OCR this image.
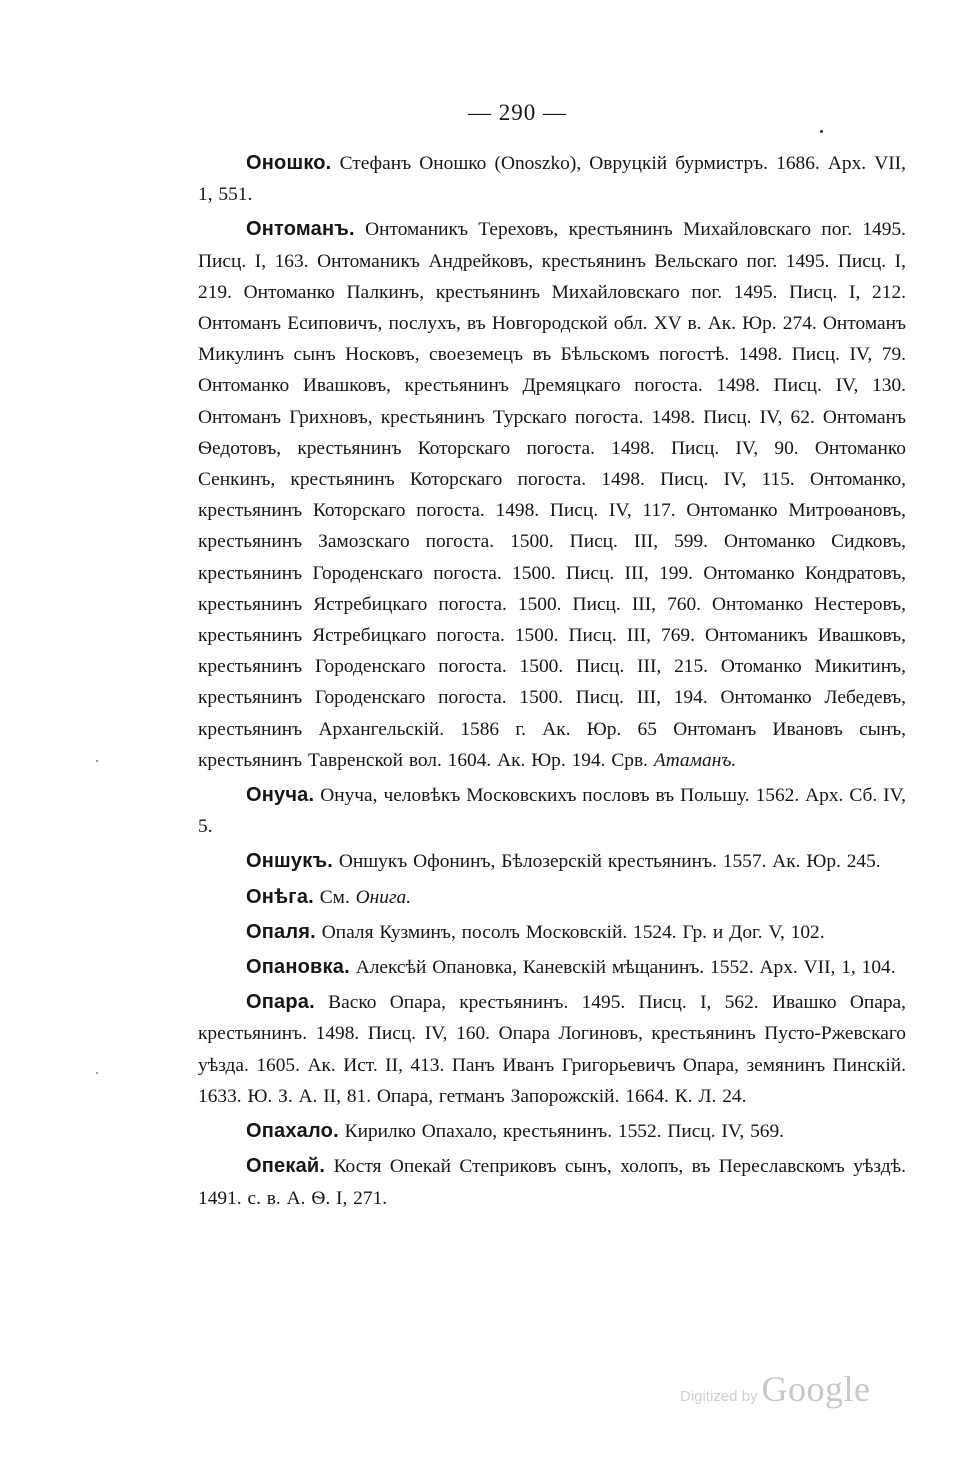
— 290 —

Оношко. Стефанъ Оношко (Onoszko), Овруцкій бурмистръ. 1686. Арх. VII, 1, 551.

Онтоманъ. Онтоманикъ Тереховъ, крестьянинъ Михайловскаго пог. 1495. Писц. I, 163. Онтоманикъ Андрейковъ, крестьянинъ Вельскаго пог. 1495. Писц. I, 219. Онтоманко Палкинъ, крестьянинъ Михайловскаго пог. 1495. Писц. I, 212. Онтоманъ Есиповичъ, послухъ, въ Новгородской обл. XV в. Ак. Юр. 274. Онтоманъ Микулинъ сынъ Носковъ, своеземецъ въ Бѣльскомъ погостѣ. 1498. Писц. IV, 79. Онтоманко Ивашковъ, крестьянинъ Дремяцкаго погоста. 1498. Писц. IV, 130. Онтоманъ Грихновъ, крестьянинъ Турскаго погоста. 1498. Писц. IV, 62. Онтоманъ Ѳедотовъ, крестьянинъ Которскаго погоста. 1498. Писц. IV, 90. Онтоманко Сенкинъ, крестьянинъ Которскаго погоста. 1498. Писц. IV, 115. Онтоманко, крестьянинъ Которскаго погоста. 1498. Писц. IV, 117. Онтоманко Митроѳановъ, крестьянинъ Замозскаго погоста. 1500. Писц. III, 599. Онтоманко Сидковъ, крестьянинъ Городенскаго погоста. 1500. Писц. III, 199. Онтоманко Кондратовъ, крестьянинъ Ястребицкаго погоста. 1500. Писц. III, 760. Онтоманко Нестеровъ, крестьянинъ Ястребицкаго погоста. 1500. Писц. III, 769. Онтоманикъ Ивашковъ, крестьянинъ Городенскаго погоста. 1500. Писц. III, 215. Отоманко Микитинъ, крестьянинъ Городенскаго погоста. 1500. Писц. III, 194. Онтоманко Лебедевъ, крестьянинъ Архангельскій. 1586 г. Ак. Юр. 65 Онтоманъ Ивановъ сынъ, крестьянинъ Тавренской вол. 1604. Ак. Юр. 194. Срв. Атаманъ.

Онуча. Онуча, человѣкъ Московскихъ пословъ въ Польшу. 1562. Арх. Сб. IV, 5.

Оншукъ. Оншукъ Офонинъ, Бѣлозерскій крестьянинъ. 1557. Ак. Юр. 245.

Онѣга. См. Онига.

Опаля. Опаля Кузминъ, посолъ Московскій. 1524. Гр. и Дог. V, 102.

Опановка. Алексѣй Опановка, Каневскій мѣщанинъ. 1552. Арх. VII, 1, 104.

Опара. Васко Опара, крестьянинъ. 1495. Писц. I, 562. Ивашко Опара, крестьянинъ. 1498. Писц. IV, 160. Опара Логиновъ, крестьянинъ Пусто-Ржевскаго уѣзда. 1605. Ак. Ист. II, 413. Панъ Иванъ Григорьевичъ Опара, земянинъ Пинскій. 1633. Ю. З. А. II, 81. Опара, гетманъ Запорожскій. 1664. К. Л. 24.

Опахало. Кирилко Опахало, крестьянинъ. 1552. Писц. IV, 569.

Опекай. Костя Опекай Степриковъ сынъ, холопъ, въ Переславскомъ уѣздѣ. 1491. с. в. А. Ѳ. I, 271.

Digitized by Google
